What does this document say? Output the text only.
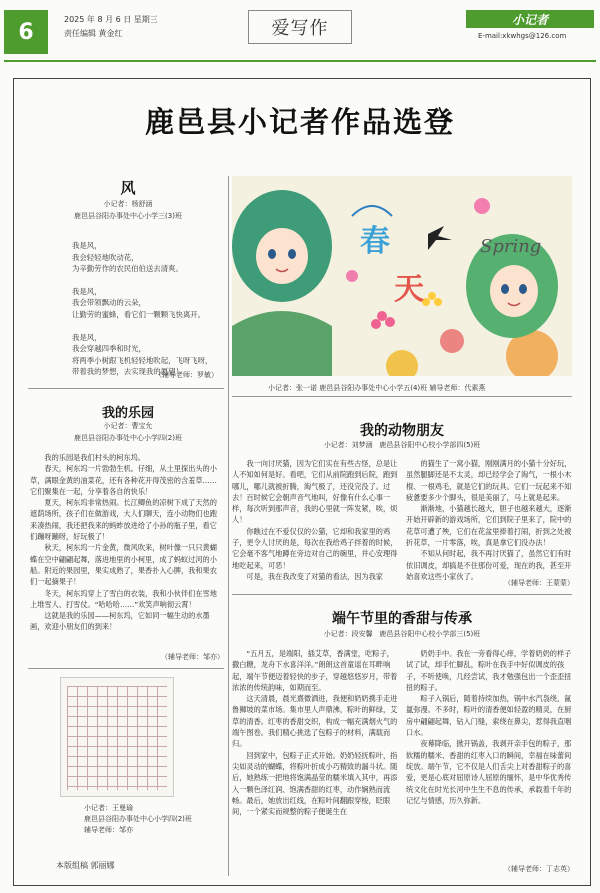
6	2025 年 8 月 6 日 星期三
责任编辑 黄金红	爱写作	小记者
E-mail:xkwhgs@126.com
鹿邑县小记者作品选登
风
小记者：杨舒涵
鹿邑县谷阳办事处中心小学三(3)班
我是风，
我会轻轻地吹动花，
为辛勤劳作的农民伯伯送去清爽。
我是风，
我会带领飘动的云朵，
让勤劳的蜜蜂，看它们一颗颗飞快离开。
我是风，
我会穿越四季和时光，
将两季小树跟飞机轻轻地吹起，飞呀飞呀，
带着我的梦想，去实现我的愿望！
（辅导老师：罗敏）
我的乐园
小记者：曹宝允
鹿邑县谷阳办事处中心小学四(2)班

我的乐园是我们村头的柯东坞。

春天，柯东坞一片勃勃生机。仔细，从土里探出头的小草，满眼金黄的油菜花，还有各种花开得茂密的含羞草……它们聚集在一起，分享着各自的快乐！

夏天，柯东坞非常热闹。长江鲫鱼的凉树下成了天然的遮荫场所，孩子们在做游戏，大人们聊天，连小动物们也跑来凑热闹，我还把我来的蚂蚱放进给了小孙的瓶子里，看它们蹦呀蹦呀，好玩极了！

秋天，柯东坞一片金黄，微风吹来，树叶像一只只黄蝴蝶在空中翩翩起舞，落进地里的小柯里，成了蚂蚁过河的小船。附近的果园里，果实成熟了，果香扑入心脾，我和果农们一起摘果子！

冬天，柯东坞穿上了雪白的衣装，我和小伙伴们在雪地上堆雪人、打雪仗。“哈哈哈……”欢笑声响彻云霄！

这就是我的乐园——柯东坞，它如同一幅生动的水墨画，欢迎小朋友们的到来！

（辅导老师：邹亦）
小记者：王曼瑜
鹿邑县谷阳办事处中心小学四(2)班
辅导老师：邹亦
本版组稿 郭丽娜
春
天
Spring
小记者：张一诺 鹿邑县谷阳办事处中心小学五(4)班 辅导老师：代素燕
我的动物朋友
小记者：刘梦涵 鹿邑县谷阳中心校小学部四(5)班

我一向讨厌猫，因为它们实在有些古怪，总是让人不知如何是好。看吧，它们从前院跑到后院，跑到哪儿，哪儿就被折腾，淘气极了，还没完没了。过去！百时候它会朝声音气地叫，好像有什么心事一样，每次听到那声音，我的心里就一阵发紧，唉，烦人！

你瞧过在不爱仅仅的公猫，它却和我家里的鸡子，更令人讨厌的是，每次在我给鸡子拌着的时候，它会毫不客气地蹲在旁边对自己的碗里，并心安理得地吃起来，可恶！

可是，我在我改变了对猫的看法，因为我家

的猫生了一窝小猫，刚刚满月的小猫十分好玩，虽然腿脚还是不太灵，却已经学会了淘气，一根小木棍、一根鸡毛，就是它们的玩具。它们一玩起来不知疲惫要多少个脚头，很是美丽了，马上就是起来。

渐渐地，小猫越长越大，胆子也越来越大，逐渐开始开辟新的游戏场所，它们到院子里来了，院中的花草可遭了殃，它们在花盆里捧着打闹，折到之处被折花草，一片零落，唉，真是拿它们没办法！

不知从何时起，我不再讨厌猫了，虽然它们有时依旧调皮，却搞是不住那份可爱，现在的我，甚至开始喜欢这些小家伙了。

（辅导老师：王蒙蒙）
端午节里的香甜与传承
小记者：段安馨 鹿邑县谷阳中心校小学部三(5)班

“五月五，是端阳，插艾草，香满堂，吃粽子，撒白糖，龙舟下水喜洋洋。”朗朗这首童谣在耳畔响起，端午节便迈着轻快的步子，穿越悠悠岁月，带着浓浓的传统韵味，如期而至。

这天清晨，晨光熹微洒进，我便和奶奶携手走进鲁狮坡的菜市场。集市里人声鼎沸，粽叶的鲜绿，艾草的清香。红枣的香甜交织，构成一幅充满烟火气的端午图卷。我们精心挑选了包粽子的材料，满载而归。

回到家中，包粽子正式开始。奶奶轻抚粽叶，指尖如灵动的蝴蝶，将粽叶折成小巧精致的漏斗状。随后，她熟练一把地将饱满晶莹的糯米填入其中，再添入一颗色泽红润、饱满香甜的红枣，动作娴熟而流畅。最后，她放出红线，在粽叶间翻跟穿梭，眨眼间，一个紧实而规整的粽子便诞生在

奶奶手中。我在一旁看得心痒，学着奶奶的样子试了试，却手忙脚乱，粽叶在我手中好似调皮的孩子，不听使唤，几经尝试，我才勉强包出一个歪歪扭扭的粽子。

粽子入锅后，随着持续加热，锅中水汽袅绕，氤氲弥漫。不多时，粽叶的清香便如轻盈的精灵，在厨房中翩翩起舞，钻入门缝，索绕在鼻尖，惹得我直咽口水。

夜幕降临，掀开锅盖，我剥开亲手包的粽子，那软糯的糯米、香甜的红枣入口的瞬间，幸福在味蕾间绽放。端午节，它不仅是人们舌尖上对香甜粽子的喜爱，更是心底对屈原诗人屈原的缅怀，是中华优秀传统文化在时光长河中生生不息的传承，承载着千年的记忆与情感，历久弥新。

（辅导老师：丁志英）
